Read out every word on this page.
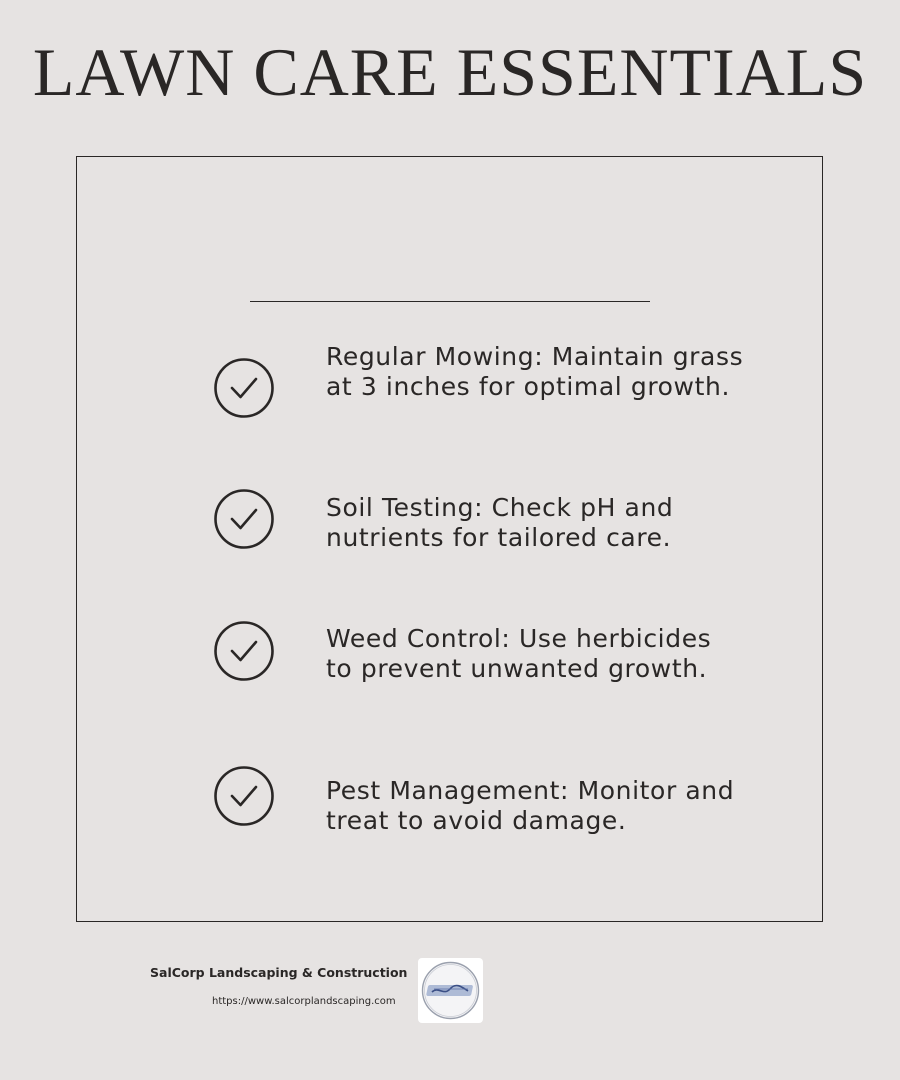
LAWN CARE ESSENTIALS

Regular Mowing: Maintain grass at 3 inches for optimal growth.

Soil Testing: Check pH and nutrients for tailored care.

Weed Control: Use herbicides to prevent unwanted growth.

Pest Management: Monitor and treat to avoid damage.

SalCorp Landscaping & Construction
https://www.salcorplandscaping.com
